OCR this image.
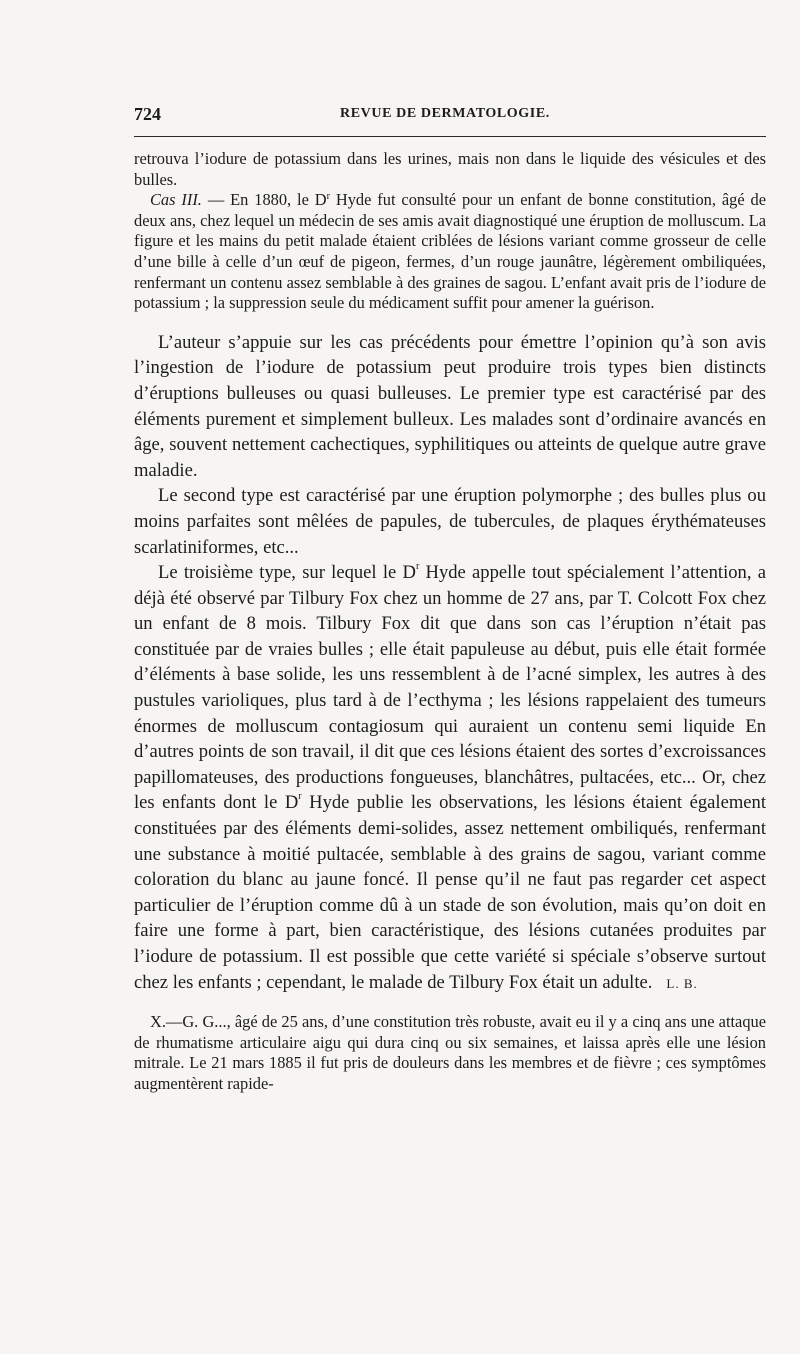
724	REVUE DE DERMATOLOGIE.

retrouva l’iodure de potassium dans les urines, mais non dans le liquide des vésicules et des bulles.

Cas III. — En 1880, le $D^r$ Hyde fut consulté pour un enfant de bonne constitution, âgé de deux ans, chez lequel un médecin de ses amis avait diagnostiqué une éruption de molluscum. La figure et les mains du petit malade étaient criblées de lésions variant comme grosseur de celle d’une bille à celle d’un œuf de pigeon, fermes, d’un rouge jaunâtre, légèrement ombiliquées, renfermant un contenu assez semblable à des graines de sagou. L’enfant avait pris de l’iodure de potassium ; la suppression seule du médicament suffit pour amener la guérison.

L’auteur s’appuie sur les cas précédents pour émettre l’opinion qu’à son avis l’ingestion de l’iodure de potassium peut produire trois types bien distincts d’éruptions bulleuses ou quasi bulleuses. Le premier type est caractérisé par des éléments purement et simplement bulleux. Les malades sont d’ordinaire avancés en âge, souvent nettement cachectiques, syphilitiques ou atteints de quelque autre grave maladie.

Le second type est caractérisé par une éruption polymorphe ; des bulles plus ou moins parfaites sont mêlées de papules, de tubercules, de plaques érythémateuses scarlatiniformes, etc...

Le troisième type, sur lequel le $D^r$ Hyde appelle tout spécialement l’attention, a déjà été observé par Tilbury Fox chez un homme de 27 ans, par T. Colcott Fox chez un enfant de 8 mois. Tilbury Fox dit que dans son cas l’éruption n’était pas constituée par de vraies bulles ; elle était papuleuse au début, puis elle était formée d’éléments à base solide, les uns ressemblent à de l’acné simplex, les autres à des pustules varioliques, plus tard à de l’ecthyma ; les lésions rappelaient des tumeurs énormes de molluscum contagiosum qui auraient un contenu semi liquide En d’autres points de son travail, il dit que ces lésions étaient des sortes d’excroissances papillomateuses, des productions fongueuses, blanchâtres, pultacées, etc... Or, chez les enfants dont le $D^r$ Hyde publie les observations, les lésions étaient également constituées par des éléments demi-solides, assez nettement ombiliqués, renfermant une substance à moitié pultacée, semblable à des grains de sagou, variant comme coloration du blanc au jaune foncé. Il pense qu’il ne faut pas regarder cet aspect particulier de l’éruption comme dû à un stade de son évolution, mais qu’on doit en faire une forme à part, bien caractéristique, des lésions cutanées produites par l’iodure de potassium. Il est possible que cette variété si spéciale s’observe surtout chez les enfants ; cependant, le malade de Tilbury Fox était un adulte. L. B.

X.—G. G..., âgé de 25 ans, d’une constitution très robuste, avait eu il y a cinq ans une attaque de rhumatisme articulaire aigu qui dura cinq ou six semaines, et laissa après elle une lésion mitrale. Le 21 mars 1885 il fut pris de douleurs dans les membres et de fièvre ; ces symptômes augmentèrent rapide-
